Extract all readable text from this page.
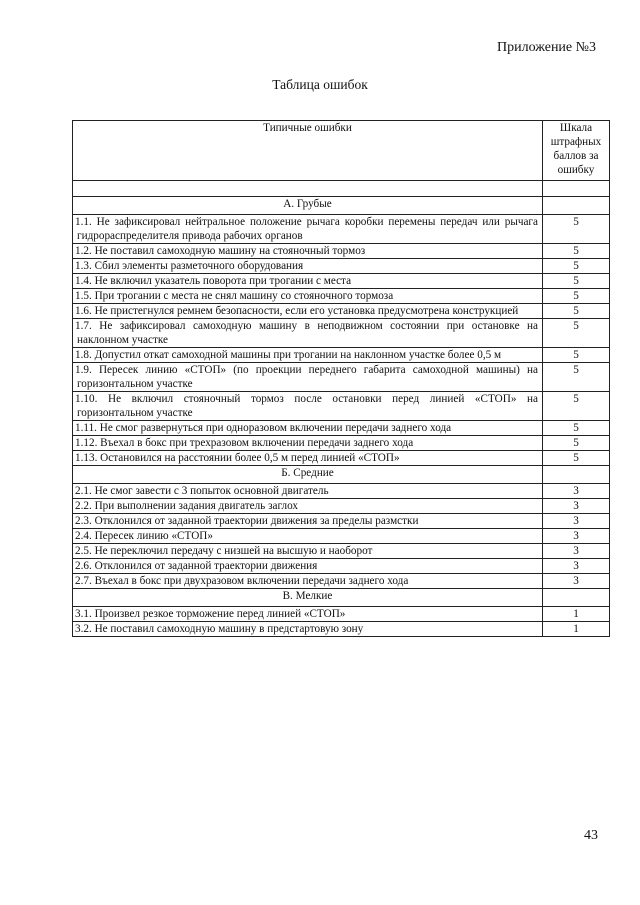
Приложение №3
Таблица ошибок
Типичные ошибки	Шкала штрафных баллов за ошибку

А. Грубые	
1.1. Не зафиксировал нейтральное положение рычага коробки перемены передач или рычага гидрораспределителя привода рабочих органов	5
1.2. Не поставил самоходную машину на стояночный тормоз	5
1.3. Сбил элементы разметочного оборудования	5
1.4. Не включил указатель поворота при трогании с места	5
1.5. При трогании с места не снял машину со стояночного тормоза	5
1.6. Не пристегнулся ремнем безопасности, если его установка предусмотрена конструкцией	5
1.7. Не зафиксировал самоходную машину в неподвижном состоянии при остановке на наклонном участке	5
1.8. Допустил откат самоходной машины при трогании на наклонном участке более 0,5 м	5
1.9. Пересек линию «СТОП» (по проекции переднего габарита самоходной машины) на горизонтальном участке	5
1.10. Не включил стояночный тормоз после остановки перед линией «СТОП» на горизонтальном участке	5
1.11. Не смог развернуться при одноразовом включении передачи заднего хода	5
1.12. Въехал в бокс при трехразовом включении передачи заднего хода	5
1.13. Остановился на расстоянии более 0,5 м перед линией «СТОП»	5
Б. Средние	
2.1. Не смог завести с 3 попыток основной двигатель	3
2.2. При выполнении задания двигатель заглох	3
2.3. Отклонился от заданной траектории движения за пределы размстки	3
2.4. Пересек линию «СТОП»	3
2.5. Не переключил передачу с низшей на высшую и наоборот	3
2.6. Отклонился от заданной траектории движения	3
2.7. Въехал в бокс при двухразовом включении передачи заднего хода	3
В. Мелкие	
3.1. Произвел резкое торможение перед линией «СТОП»	1
3.2. Не поставил самоходную машину в предстартовую зону	1
43
